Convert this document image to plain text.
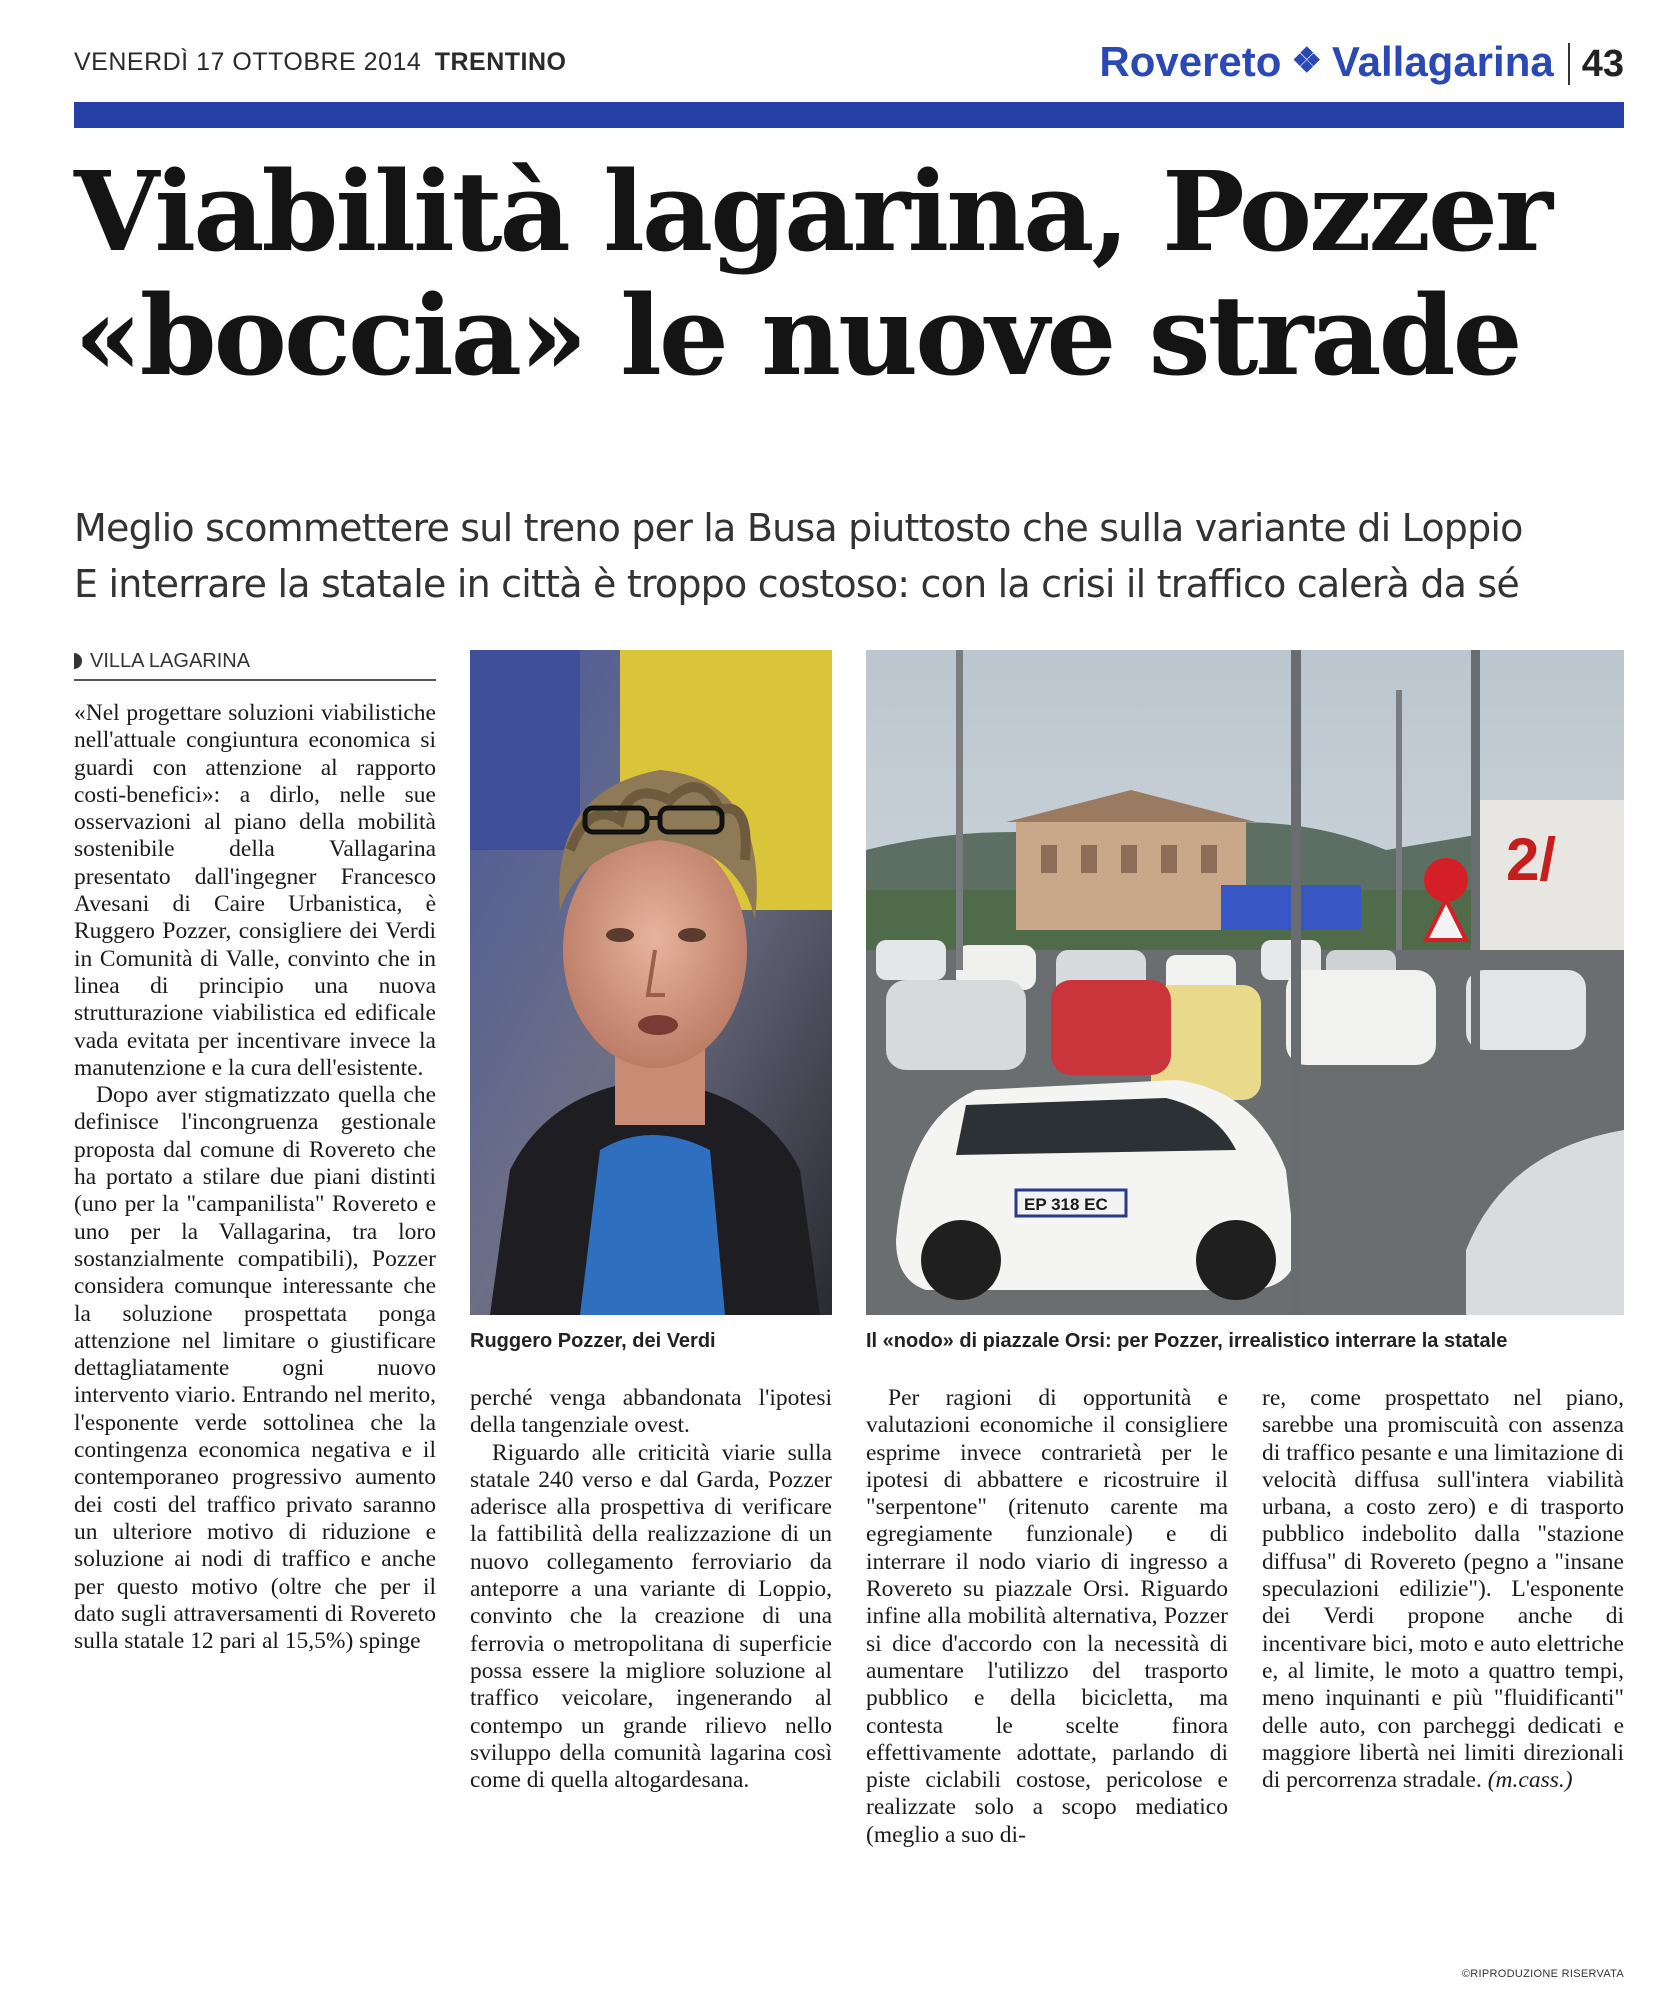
VENERDÌ 17 OTTOBRE 2014 TRENTINO	Rovereto ❖ Vallagarina 43
Viabilità lagarina, Pozzer
«boccia» le nuove strade
Meglio scommettere sul treno per la Busa piuttosto che sulla variante di Loppio
E interrare la statale in città è troppo costoso: con la crisi il traffico calerà da sé
VILLA LAGARINA

«Nel progettare soluzioni viabilistiche nell'attuale congiuntura economica si guardi con attenzione al rapporto costi-benefici»: a dirlo, nelle sue osservazioni al piano della mobilità sostenibile della Vallagarina presentato dall'ingegner Francesco Avesani di Caire Urbanistica, è Ruggero Pozzer, consigliere dei Verdi in Comunità di Valle, convinto che in linea di principio una nuova strutturazione viabilistica ed edificale vada evitata per incentivare invece la manutenzione e la cura dell'esistente.

Dopo aver stigmatizzato quella che definisce l'incongruenza gestionale proposta dal comune di Rovereto che ha portato a stilare due piani distinti (uno per la "campanilista" Rovereto e uno per la Vallagarina, tra loro sostanzialmente compatibili), Pozzer considera comunque interessante che la soluzione prospettata ponga attenzione nel limitare o giustificare dettagliatamente ogni nuovo intervento viario. Entrando nel merito, l'esponente verde sottolinea che la contingenza economica negativa e il contemporaneo progressivo aumento dei costi del traffico privato saranno un ulteriore motivo di riduzione e soluzione ai nodi di traffico e anche per questo motivo (oltre che per il dato sugli attraversamenti di Rovereto sulla statale 12 pari al 15,5%) spinge

2/
EP 318 EC
Ruggero Pozzer, dei Verdi	Il «nodo» di piazzale Orsi: per Pozzer, irrealistico interrare la statale

perché venga abbandonata l'ipotesi della tangenziale ovest.

Riguardo alle criticità viarie sulla statale 240 verso e dal Garda, Pozzer aderisce alla prospettiva di verificare la fattibilità della realizzazione di un nuovo collegamento ferroviario da anteporre a una variante di Loppio, convinto che la creazione di una ferrovia o metropolitana di superficie possa essere la migliore soluzione al traffico veicolare, ingenerando al contempo un grande rilievo nello sviluppo della comunità lagarina così come di quella altogardesana.

Per ragioni di opportunità e valutazioni economiche il consigliere esprime invece contrarietà per le ipotesi di abbattere e ricostruire il "serpentone" (ritenuto carente ma egregiamente funzionale) e di interrare il nodo viario di ingresso a Rovereto su piazzale Orsi. Riguardo infine alla mobilità alternativa, Pozzer si dice d'accordo con la necessità di aumentare l'utilizzo del trasporto pubblico e della bicicletta, ma contesta le scelte finora effettivamente adottate, parlando di piste ciclabili costose, pericolose e realizzate solo a scopo mediatico (meglio a suo di-

re, come prospettato nel piano, sarebbe una promiscuità con assenza di traffico pesante e una limitazione di velocità diffusa sull'intera viabilità urbana, a costo zero) e di trasporto pubblico indebolito dalla "stazione diffusa" di Rovereto (pegno a "insane speculazioni edilizie"). L'esponente dei Verdi propone anche di incentivare bici, moto e auto elettriche e, al limite, le moto a quattro tempi, meno inquinanti e più "fluidificanti" delle auto, con parcheggi dedicati e maggiore libertà nei limiti direzionali di percorrenza stradale. (m.cass.)

©RIPRODUZIONE RISERVATA
